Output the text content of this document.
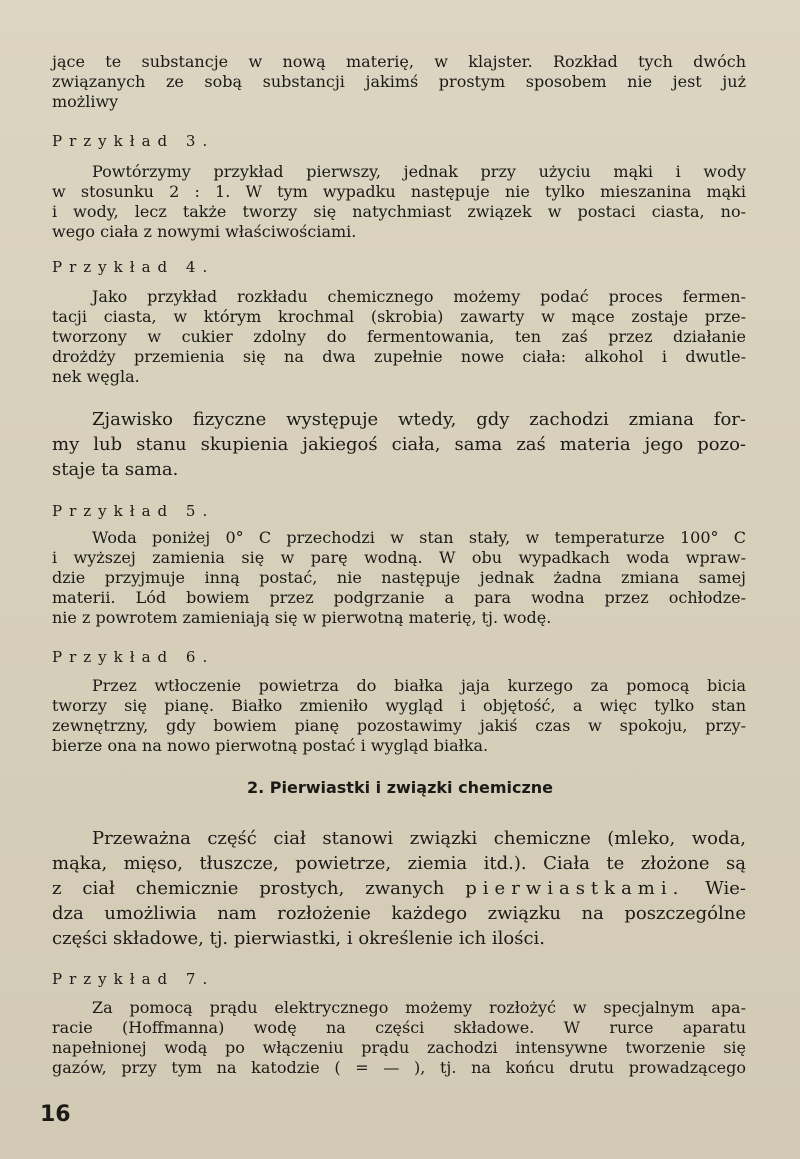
jące te substancje w nową materię, w klajster. Rozkład tych dwóch
związanych ze sobą substancji jakimś prostym sposobem nie jest już
możliwy

Przykład 3.

Powtórzymy przykład pierwszy, jednak przy użyciu mąki i wody
w stosunku 2 : 1. W tym wypadku następuje nie tylko mieszanina mąki
i wody, lecz także tworzy się natychmiast związek w postaci ciasta, no-
wego ciała z nowymi właściwościami.

Przykład 4.

Jako przykład rozkładu chemicznego możemy podać proces fermen-
tacji ciasta, w którym krochmal (skrobia) zawarty w mące zostaje prze-
tworzony w cukier zdolny do fermentowania, ten zaś przez działanie
drożdży przemienia się na dwa zupełnie nowe ciała: alkohol i dwutle-
nek węgla.

Zjawisko fizyczne występuje wtedy, gdy zachodzi zmiana for-
my lub stanu skupienia jakiegoś ciała, sama zaś materia jego pozo-
staje ta sama.

Przykład 5.

Woda poniżej 0° C przechodzi w stan stały, w temperaturze 100° C
i wyższej zamienia się w parę wodną. W obu wypadkach woda wpraw-
dzie przyjmuje inną postać, nie następuje jednak żadna zmiana samej
materii. Lód bowiem przez podgrzanie a para wodna przez ochłodze-
nie z powrotem zamieniają się w pierwotną materię, tj. wodę.

Przykład 6.

Przez wtłoczenie powietrza do białka jaja kurzego za pomocą bicia
tworzy się pianę. Białko zmieniło wygląd i objętość, a więc tylko stan
zewnętrzny, gdy bowiem pianę pozostawimy jakiś czas w spokoju, przy-
bierze ona na nowo pierwotną postać i wygląd białka.

2. Pierwiastki i związki chemiczne

Przeważna część ciał stanowi związki chemiczne (mleko, woda,
mąka, mięso, tłuszcze, powietrze, ziemia itd.). Ciała te złożone są
z ciał chemicznie prostych, zwanych pierwiastkami. Wie-
dza umożliwia nam rozłożenie każdego związku na poszczególne
części składowe, tj. pierwiastki, i określenie ich ilości.

Przykład 7.

Za pomocą prądu elektrycznego możemy rozłożyć w specjalnym apa-
racie (Hoffmanna) wodę na części składowe. W rurce aparatu
napełnionej wodą po włączeniu prądu zachodzi intensywne tworzenie się
gazów, przy tym na katodzie ( = — ), tj. na końcu drutu prowadzącego

16
